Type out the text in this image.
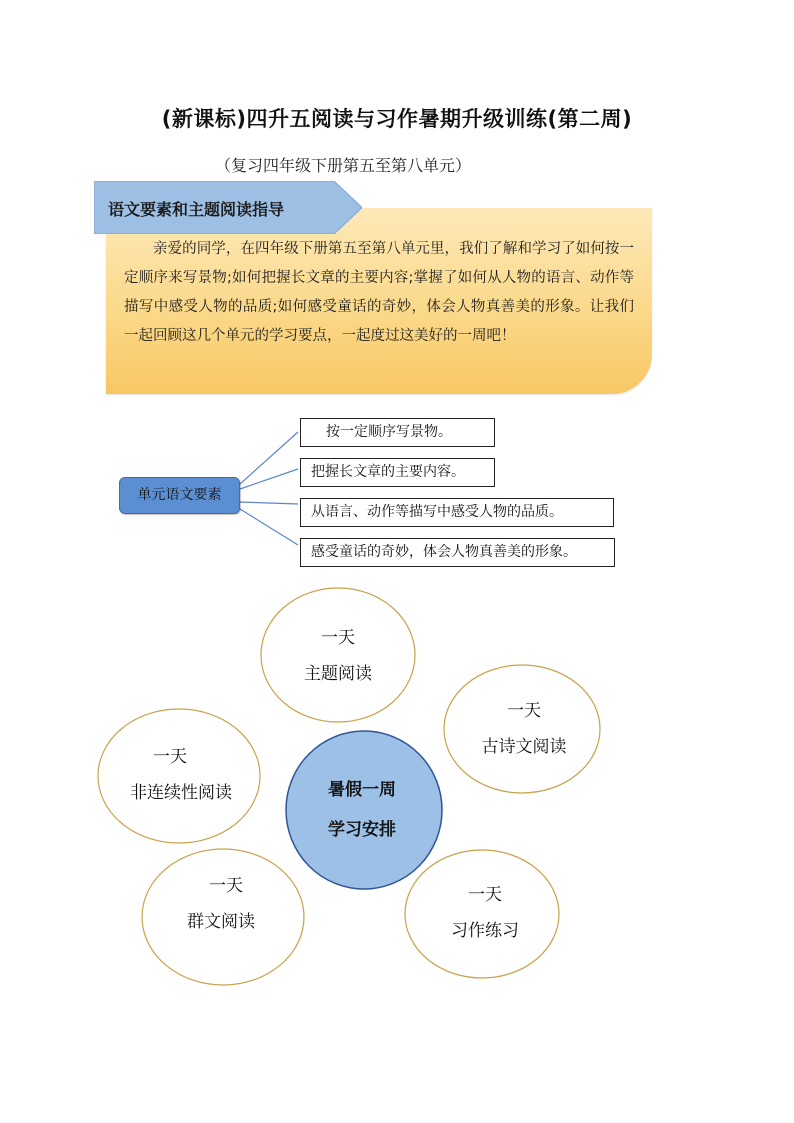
(新课标)四升五阅读与习作暑期升级训练(第二周)
（复习四年级下册第五至第八单元）
语文要素和主题阅读指导
亲爱的同学，在四年级下册第五至第八单元里，我们了解和学习了如何按一定顺序来写景物;如何把握长文章的主要内容;掌握了如何从人物的语言、动作等描写中感受人物的品质;如何感受童话的奇妙，体会人物真善美的形象。让我们一起回顾这几个单元的学习要点，一起度过这美好的一周吧！
单元语文要素
按一定顺序写景物。
把握长文章的主要内容。
从语言、动作等描写中感受人物的品质。
感受童话的奇妙，体会人物真善美的形象。
一天
主题阅读
一天
古诗文阅读
一天
非连续性阅读
一天
群文阅读
一天
习作练习
暑假一周
学习安排
